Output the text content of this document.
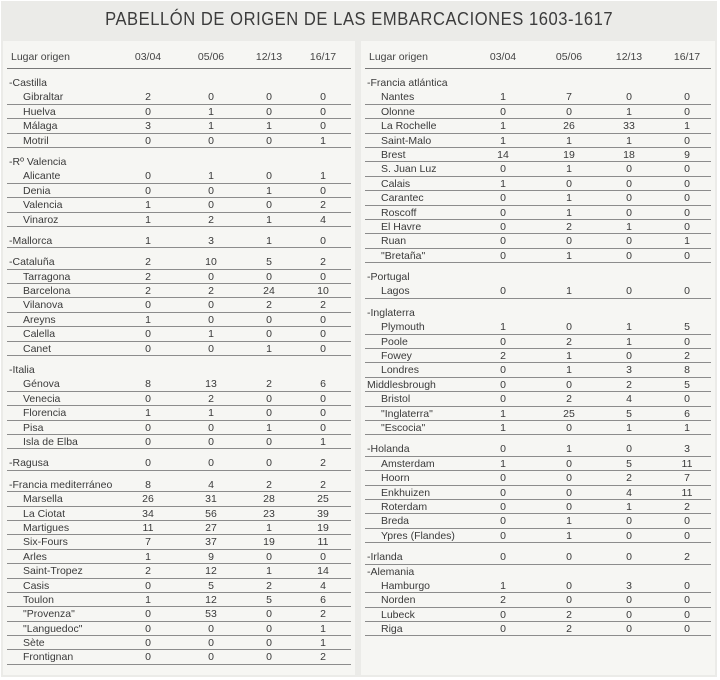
PABELLÓN DE ORIGEN DE LAS EMBARCACIONES 1603-1617
Lugar origen	03/04	05/06	12/13	16/17
-Castilla
Gibraltar	2	0	0	0
Huelva	0	1	0	0
Málaga	3	1	1	0
Motril	0	0	0	1
-Rº Valencia
Alicante	0	1	0	1
Denia	0	0	1	0
Valencia	1	0	0	2
Vinaroz	1	2	1	4
-Mallorca	1	3	1	0
-Cataluña	2	10	5	2
Tarragona	2	0	0	0
Barcelona	2	2	24	10
Vilanova	0	0	2	2
Areyns	1	0	0	0
Calella	0	1	0	0
Canet	0	0	1	0
-Italia
Génova	8	13	2	6
Venecia	0	2	0	0
Florencia	1	1	0	0
Pisa	0	0	1	0
Isla de Elba	0	0	0	1
-Ragusa	0	0	0	2
-Francia mediterráneo	8	4	2	2
Marsella	26	31	28	25
La Ciotat	34	56	23	39
Martigues	11	27	1	19
Six-Fours	7	37	19	11
Arles	1	9	0	0
Saint-Tropez	2	12	1	14
Casis	0	5	2	4
Toulon	1	12	5	6
"Provenza"	0	53	0	2
"Languedoc"	0	0	0	1
Sète	0	0	0	1
Frontignan	0	0	0	2
Lugar origen	03/04	05/06	12/13	16/17
-Francia atlántica
Nantes	1	7	0	0
Olonne	0	0	1	0
La Rochelle	1	26	33	1
Saint-Malo	1	1	1	0
Brest	14	19	18	9
S. Juan Luz	0	1	0	0
Calais	1	0	0	0
Carantec	0	1	0	0
Roscoff	0	1	0	0
El Havre	0	2	1	0
Ruan	0	0	0	1
"Bretaña"	0	1	0	0
-Portugal
Lagos	0	1	0	0
-Inglaterra
Plymouth	1	0	1	5
Poole	0	2	1	0
Fowey	2	1	0	2
Londres	0	1	3	8
Middlesbrough	0	0	2	5
Bristol	0	2	4	0
"Inglaterra"	1	25	5	6
"Escocia"	1	0	1	1
-Holanda	0	1	0	3
Amsterdam	1	0	5	11
Hoorn	0	0	2	7
Enkhuizen	0	0	4	11
Roterdam	0	0	1	2
Breda	0	1	0	0
Ypres (Flandes)	0	1	0	0
-Irlanda	0	0	0	2
-Alemania
Hamburgo	1	0	3	0
Norden	2	0	0	0
Lubeck	0	2	0	0
Riga	0	2	0	0
